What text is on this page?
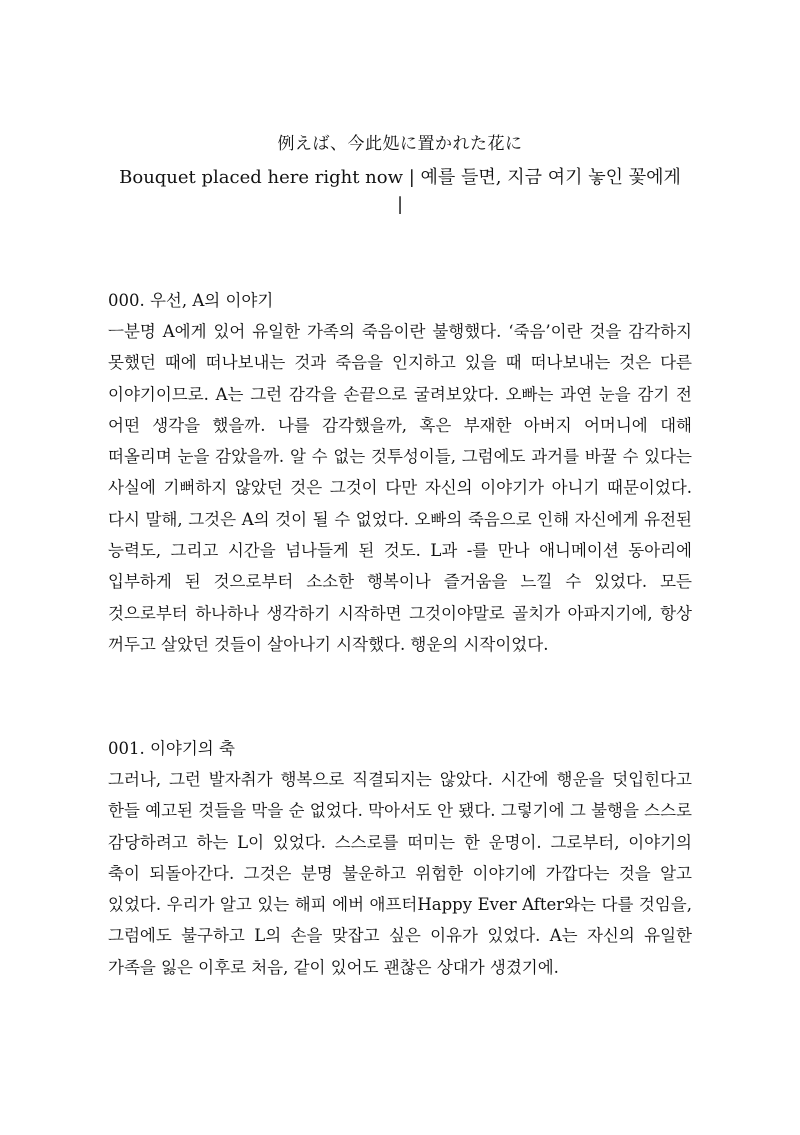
例えば、今此処に置かれた花に
Bouquet placed here right now | 예를 들면, 지금 여기 놓인 꽃에게
|
000. 우선, A의 이야기

ㅡ분명 A에게 있어 유일한 가족의 죽음이란 불행했다. ‘죽음’이란 것을 감각하지 못했던 때에 떠나보내는 것과 죽음을 인지하고 있을 때 떠나보내는 것은 다른 이야기이므로. A는 그런 감각을 손끝으로 굴려보았다. 오빠는 과연 눈을 감기 전 어떤 생각을 했을까. 나를 감각했을까, 혹은 부재한 아버지 어머니에 대해 떠올리며 눈을 감았을까. 알 수 없는 것투성이들, 그럼에도 과거를 바꿀 수 있다는 사실에 기뻐하지 않았던 것은 그것이 다만 자신의 이야기가 아니기 때문이었다. 다시 말해, 그것은 A의 것이 될 수 없었다. 오빠의 죽음으로 인해 자신에게 유전된 능력도, 그리고 시간을 넘나들게 된 것도. L과 -를 만나 애니메이션 동아리에 입부하게 된 것으로부터 소소한 행복이나 즐거움을 느낄 수 있었다. 모든 것으로부터 하나하나 생각하기 시작하면 그것이야말로 골치가 아파지기에, 항상 꺼두고 살았던 것들이 살아나기 시작했다. 행운의 시작이었다.

001. 이야기의 축

그러나, 그런 발자취가 행복으로 직결되지는 않았다. 시간에 행운을 덧입힌다고 한들 예고된 것들을 막을 순 없었다. 막아서도 안 됐다. 그렇기에 그 불행을 스스로 감당하려고 하는 L이 있었다. 스스로를 떠미는 한 운명이. 그로부터, 이야기의 축이 되돌아간다. 그것은 분명 불운하고 위험한 이야기에 가깝다는 것을 알고 있었다. 우리가 알고 있는 해피 에버 애프터Happy Ever After와는 다를 것임을, 그럼에도 불구하고 L의 손을 맞잡고 싶은 이유가 있었다. A는 자신의 유일한 가족을 잃은 이후로 처음, 같이 있어도 괜찮은 상대가 생겼기에.
